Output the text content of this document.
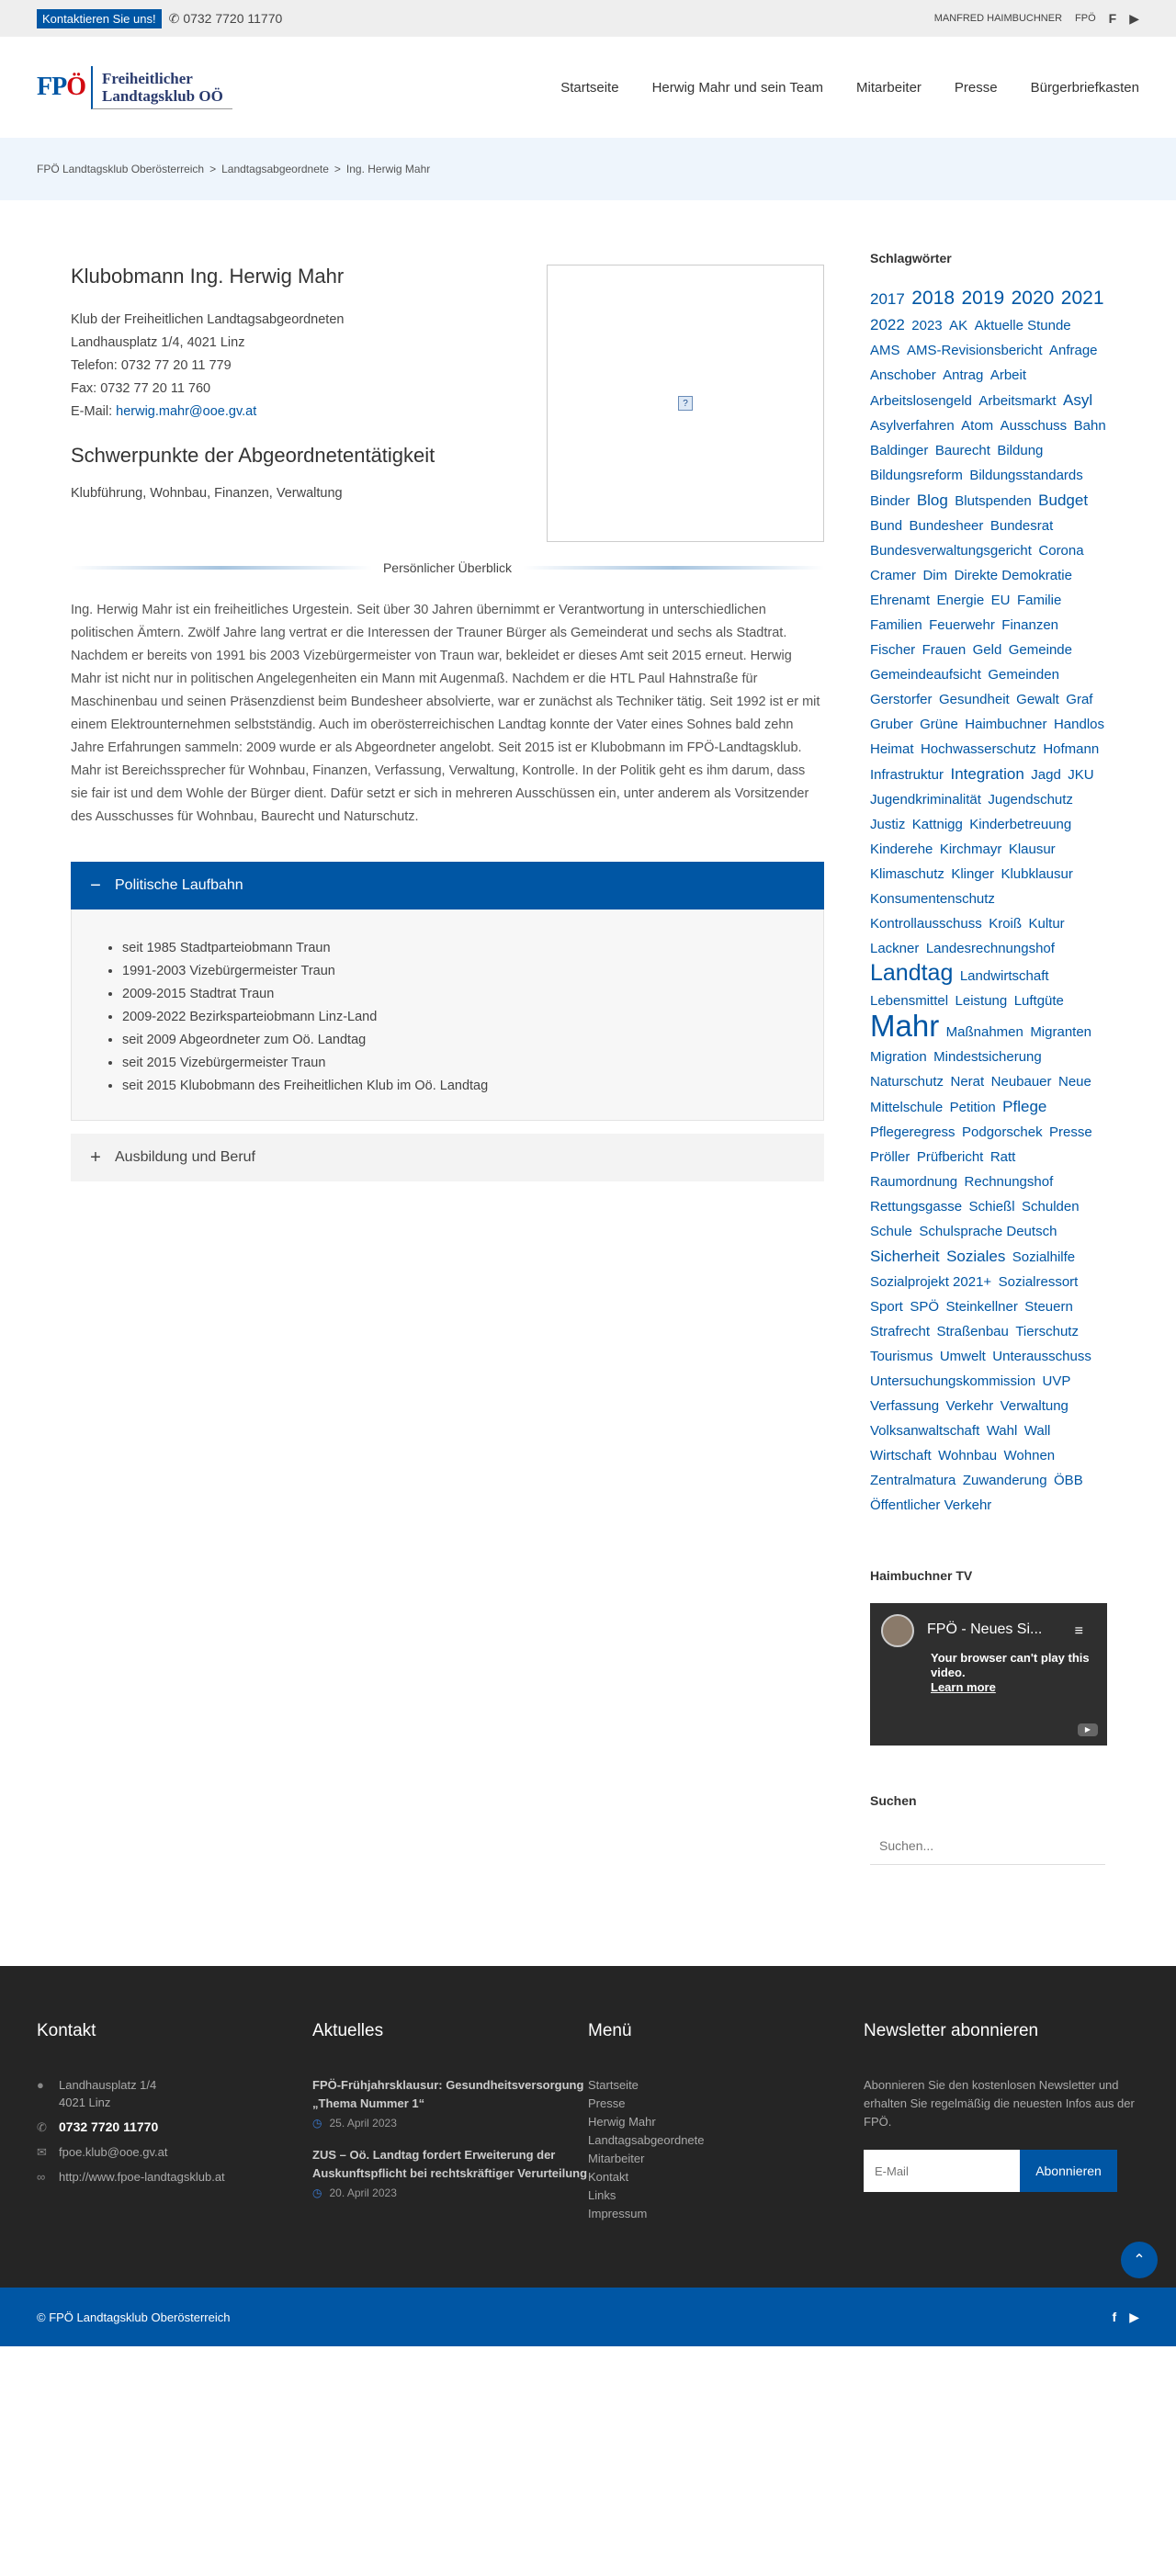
Kontaktieren Sie uns!	✆ 0732 7720 11770	MANFRED HAIMBUCHNER FPÖ F ▶
FPÖ	Freiheitlicher
Landtagsklub OÖ	Startseite Herwig Mahr und sein Team Mitarbeiter Presse Bürgerbriefkasten
FPÖ Landtagsklub Oberösterreich > Landtagsabgeordnete > Ing. Herwig Mahr
Klubobmann Ing. Herwig Mahr
Klub der Freiheitlichen Landtagsabgeordneten
Landhausplatz 1/4, 4021 Linz
Telefon: 0732 77 20 11 779
Fax: 0732 77 20 11 760
E-Mail: herwig.mahr@ooe.gv.at
Schwerpunkte der Abgeordnetentätigkeit
Klubführung, Wohnbau, Finanzen, Verwaltung
?
Persönlicher Überblick

Ing. Herwig Mahr ist ein freiheitliches Urgestein. Seit über 30 Jahren übernimmt er Verantwortung in unterschiedlichen politischen Ämtern. Zwölf Jahre lang vertrat er die Interessen der Trauner Bürger als Gemeinderat und sechs als Stadtrat. Nachdem er bereits von 1991 bis 2003 Vizebürgermeister von Traun war, bekleidet er dieses Amt seit 2015 erneut. Herwig Mahr ist nicht nur in politischen Angelegenheiten ein Mann mit Augenmaß. Nachdem er die HTL Paul Hahnstraße für Maschinenbau und seinen Präsenzdienst beim Bundesheer absolvierte, war er zunächst als Techniker tätig. Seit 1992 ist er mit einem Elektrounternehmen selbstständig. Auch im oberösterreichischen Landtag konnte der Vater eines Sohnes bald zehn Jahre Erfahrungen sammeln: 2009 wurde er als Abgeordneter angelobt. Seit 2015 ist er Klubobmann im FPÖ-Landtagsklub. Mahr ist Bereichssprecher für Wohnbau, Finanzen, Verfassung, Verwaltung, Kontrolle. In der Politik geht es ihm darum, dass sie fair ist und dem Wohle der Bürger dient. Dafür setzt er sich in mehreren Ausschüssen ein, unter anderem als Vorsitzender des Ausschusses für Wohnbau, Baurecht und Naturschutz.

− Politische Laufbahn
• seit 1985 Stadtparteiobmann Traun
• 1991-2003 Vizebürgermeister Traun
• 2009-2015 Stadtrat Traun
• 2009-2022 Bezirksparteiobmann Linz-Land
• seit 2009 Abgeordneter zum Oö. Landtag
• seit 2015 Vizebürgermeister Traun
• seit 2015 Klubobmann des Freiheitlichen Klub im Oö. Landtag
+ Ausbildung und Beruf
Schlagwörter
2017 2018 2019 2020 2021 2022 2023 AK Aktuelle Stunde AMS AMS-Revisionsbericht Anfrage Anschober Antrag Arbeit Arbeitslosengeld Arbeitsmarkt Asyl Asylverfahren Atom Ausschuss Bahn Baldinger Baurecht Bildung Bildungsreform Bildungsstandards Binder Blog Blutspenden Budget Bund Bundesheer Bundesrat Bundesverwaltungsgericht Corona Cramer Dim Direkte Demokratie Ehrenamt Energie EU Familie Familien Feuerwehr Finanzen Fischer Frauen Geld Gemeinde Gemeindeaufsicht Gemeinden Gerstorfer Gesundheit Gewalt Graf Gruber Grüne Haimbuchner Handlos Heimat Hochwasserschutz Hofmann Infrastruktur Integration Jagd JKU Jugendkriminalität Jugendschutz Justiz Kattnigg Kinderbetreuung Kinderehe Kirchmayr Klausur Klimaschutz Klinger Klubklausur Konsumentenschutz Kontrollausschuss Kroiß Kultur Lackner Landesrechnungshof Landtag Landwirtschaft Lebensmittel Leistung Luftgüte Mahr Maßnahmen Migranten Migration Mindestsicherung Naturschutz Nerat Neubauer Neue Mittelschule Petition Pflege Pflegeregress Podgorschek Presse Pröller Prüfbericht Ratt Raumordnung Rechnungshof Rettungsgasse Schießl Schulden Schule Schulsprache Deutsch Sicherheit Soziales Sozialhilfe Sozialprojekt 2021+ Sozialressort Sport SPÖ Steinkellner Steuern Strafrecht Straßenbau Tierschutz Tourismus Umwelt Unterausschuss Untersuchungskommission UVP Verfassung Verkehr Verwaltung Volksanwaltschaft Wahl Wall Wirtschaft Wohnbau Wohnen Zentralmatura Zuwanderung ÖBB Öffentlicher Verkehr
Haimbuchner TV
FPÖ - Neues Si... ≡
Your browser can't play this video.
Learn more
▶
Suchen
Suchen...
Kontakt
●	Landhausplatz 1/4
4021 Linz
✆ 0732 7720 11770
✉ fpoe.klub@ooe.gv.at
∞ http://www.fpoe-landtagsklub.at
Aktuelles
FPÖ-Frühjahrsklausur: Gesundheitsversorgung „Thema Nummer 1“
◷ 25. April 2023
ZUS – Oö. Landtag fordert Erweiterung der Auskunftspflicht bei rechtskräftiger Verurteilung
◷ 20. April 2023
Menü
Startseite
Presse
Herwig Mahr
Landtagsabgeordnete
Mitarbeiter
Kontakt
Links
Impressum
Newsletter abonnieren
Abonnieren Sie den kostenlosen Newsletter und erhalten Sie regelmäßig die neuesten Infos aus der FPÖ.
E-Mail
Abonnieren
⌃
© FPÖ Landtagsklub Oberösterreich	f ▶
